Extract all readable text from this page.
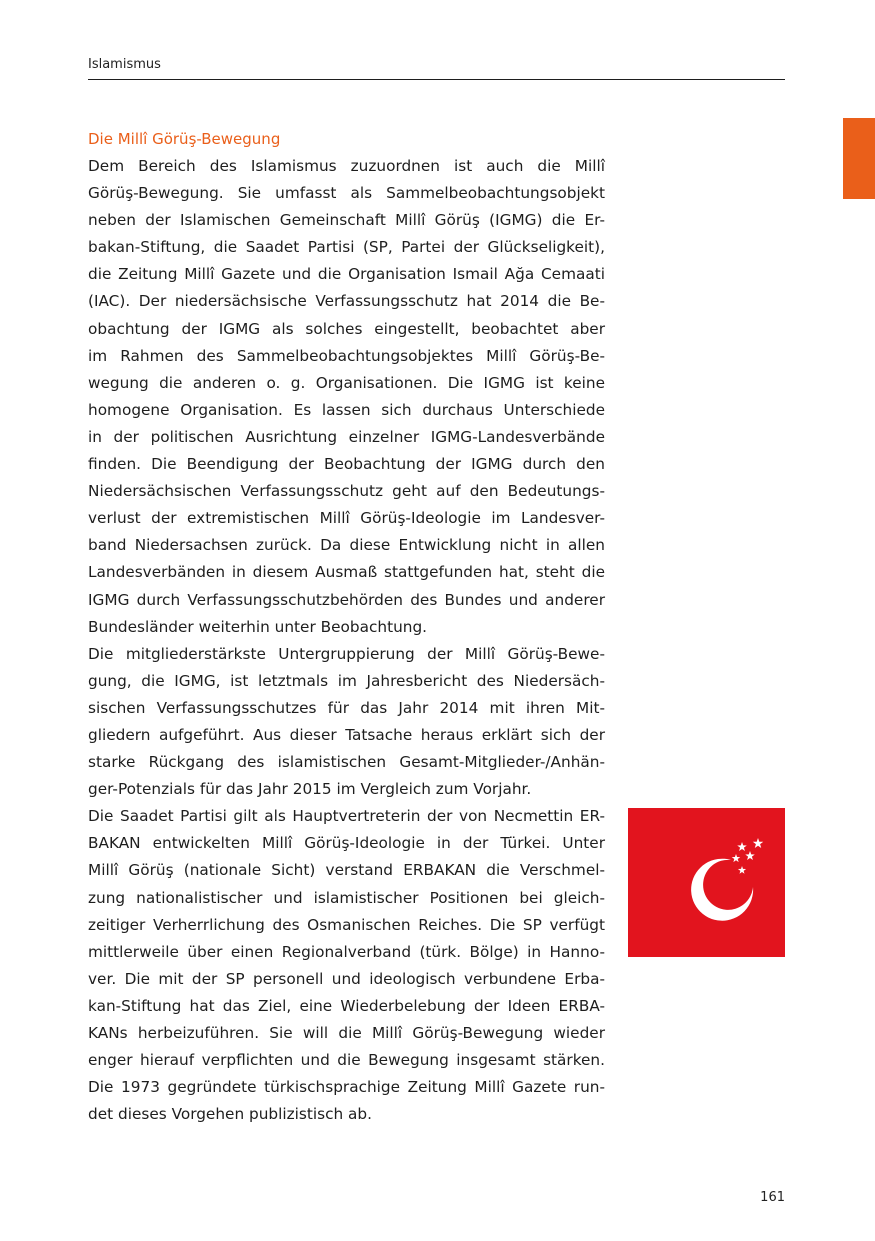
Islamismus
Die Millî Görüş-Bewegung

Dem Bereich des Islamismus zuzuordnen ist auch die Millî
Görüş-Bewegung. Sie umfasst als Sammelbeobachtungsobjekt
neben der Islamischen Gemeinschaft Millî Görüş (IGMG) die Er-
bakan-Stiftung, die Saadet Partisi (SP, Partei der Glückseligkeit),
die Zeitung Millî Gazete und die Organisation Ismail Ağa Cemaati
(IAC). Der niedersächsische Verfassungsschutz hat 2014 die Be-
obachtung der IGMG als solches eingestellt, beobachtet aber
im Rahmen des Sammelbeobachtungsobjektes Millî Görüş-Be-
wegung die anderen o. g. Organisationen. Die IGMG ist keine
homogene Organisation. Es lassen sich durchaus Unterschiede
in der politischen Ausrichtung einzelner IGMG-Landesverbände
finden. Die Beendigung der Beobachtung der IGMG durch den
Niedersächsischen Verfassungsschutz geht auf den Bedeutungs-
verlust der extremistischen Millî Görüş-Ideologie im Landesver-
band Niedersachsen zurück. Da diese Entwicklung nicht in allen
Landesverbänden in diesem Ausmaß stattgefunden hat, steht die
IGMG durch Verfassungsschutzbehörden des Bundes und anderer
Bundesländer weiterhin unter Beobachtung.

Die mitgliederstärkste Untergruppierung der Millî Görüş-Bewe-
gung, die IGMG, ist letztmals im Jahresbericht des Niedersäch-
sischen Verfassungsschutzes für das Jahr 2014 mit ihren Mit-
gliedern aufgeführt. Aus dieser Tatsache heraus erklärt sich der
starke Rückgang des islamistischen Gesamt-Mitglieder-/Anhän-
ger-Potenzials für das Jahr 2015 im Vergleich zum Vorjahr.

Die Saadet Partisi gilt als Hauptvertreterin der von Necmettin ER-
BAKAN entwickelten Millî Görüş-Ideologie in der Türkei. Unter
Millî Görüş (nationale Sicht) verstand ERBAKAN die Verschmel-
zung nationalistischer und islamistischer Positionen bei gleich-
zeitiger Verherrlichung des Osmanischen Reiches. Die SP verfügt
mittlerweile über einen Regionalverband (türk. Bölge) in Hanno-
ver. Die mit der SP personell und ideologisch verbundene Erba-
kan-Stiftung hat das Ziel, eine Wiederbelebung der Ideen ERBA-
KANs herbeizuführen. Sie will die Millî Görüş-Bewegung wieder
enger hierauf verpflichten und die Bewegung insgesamt stärken.
Die 1973 gegründete türkischsprachige Zeitung Millî Gazete run-
det dieses Vorgehen publizistisch ab.

161
